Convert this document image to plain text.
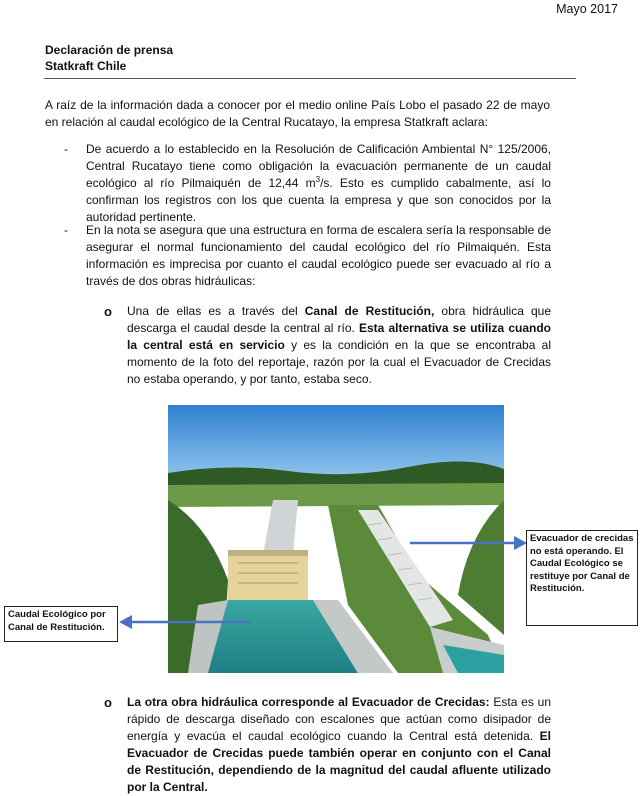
Mayo 2017
Declaración de prensa
Statkraft Chile
A raíz de la información dada a conocer por el medio online País Lobo el pasado 22 de mayo en relación al caudal ecológico de la Central Rucatayo, la empresa Statkraft aclara:
- De acuerdo a lo establecido en la Resolución de Calificación Ambiental N° 125/2006, Central Rucatayo tiene como obligación la evacuación permanente de un caudal ecológico al río Pilmaiquén de 12,44 $m^3/s$. Esto es cumplido cabalmente, así lo confirman los registros con los que cuenta la empresa y que son conocidos por la autoridad pertinente.
- En la nota se asegura que una estructura en forma de escalera sería la responsable de asegurar el normal funcionamiento del caudal ecológico del río Pilmaiquén. Esta información es imprecisa por cuanto el caudal ecológico puede ser evacuado al río a través de dos obras hidráulicas:
o Una de ellas es a través del Canal de Restitución, obra hidráulica que descarga el caudal desde la central al río. Esta alternativa se utiliza cuando la central está en servicio y es la condición en la que se encontraba al momento de la foto del reportaje, razón por la cual el Evacuador de Crecidas no estaba operando, y por tanto, estaba seco.
Evacuador de crecidas no está operando. El Caudal Ecológico se restituye por Canal de Restitución.
Caudal Ecológico por Canal de Restitución.
o La otra obra hidráulica corresponde al Evacuador de Crecidas: Esta es un rápido de descarga diseñado con escalones que actúan como disipador de energía y evacúa el caudal ecológico cuando la Central está detenida. El Evacuador de Crecidas puede también operar en conjunto con el Canal de Restitución, dependiendo de la magnitud del caudal afluente utilizado por la Central.
